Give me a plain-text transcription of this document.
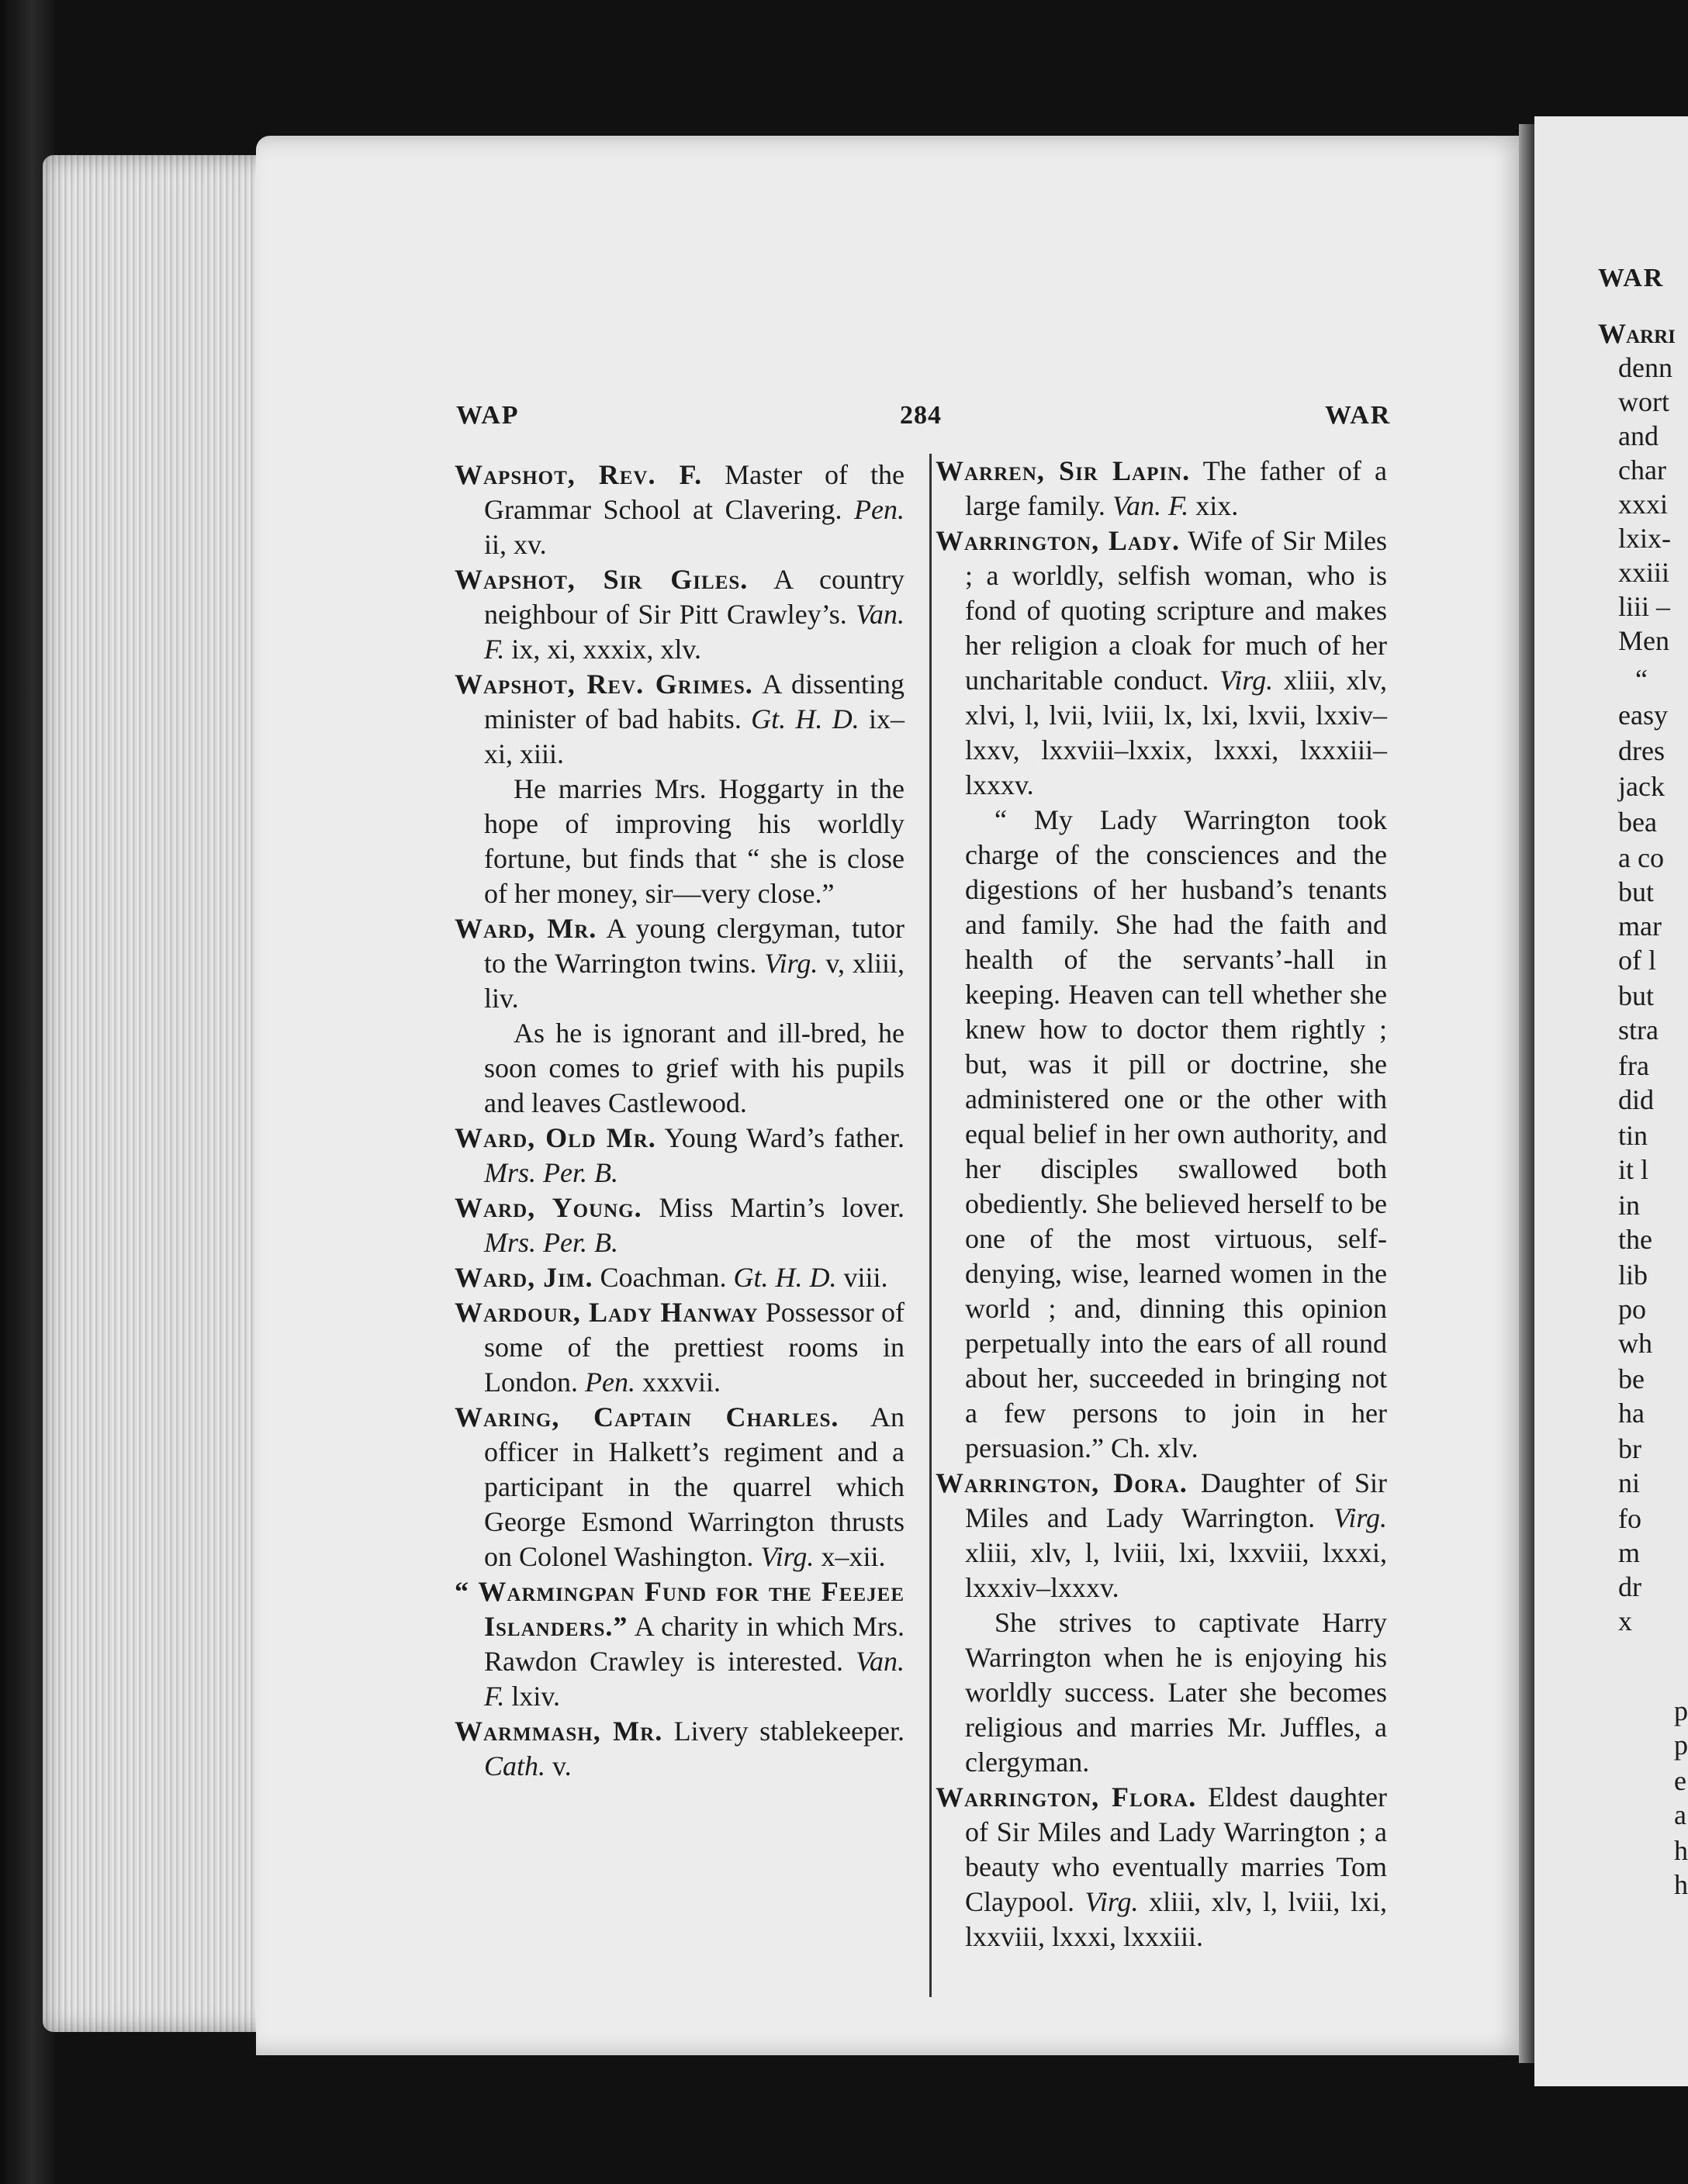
WAP	284	WAR

Wapshot, Rev. F. Master of the Grammar School at Clavering. Pen. ii, xv.

Wapshot, Sir Giles. A country neighbour of Sir Pitt Crawley’s. Van. F. ix, xi, xxxix, xlv.

Wapshot, Rev. Grimes. A dissenting minister of bad habits. Gt. H. D. ix–xi, xiii.

He marries Mrs. Hoggarty in the hope of improving his worldly fortune, but finds that “ she is close of her money, sir—very close.”

Ward, Mr. A young clergyman, tutor to the Warrington twins. Virg. v, xliii, liv.

As he is ignorant and ill-bred, he soon comes to grief with his pupils and leaves Castlewood.

Ward, Old Mr. Young Ward’s father. Mrs. Per. B.

Ward, Young. Miss Martin’s lover. Mrs. Per. B.

Ward, Jim. Coachman. Gt. H. D. viii.

Wardour, Lady Hanway Possessor of some of the prettiest rooms in London. Pen. xxxvii.

Waring, Captain Charles. An officer in Halkett’s regiment and a participant in the quarrel which George Esmond Warrington thrusts on Colonel Washington. Virg. x–xii.

“ Warmingpan Fund for the Feejee Islanders.” A charity in which Mrs. Rawdon Crawley is interested. Van. F. lxiv.

Warmmash, Mr. Livery stablekeeper. Cath. v.

Warren, Sir Lapin. The father of a large family. Van. F. xix.

Warrington, Lady. Wife of Sir Miles ; a worldly, selfish woman, who is fond of quoting scripture and makes her religion a cloak for much of her uncharitable conduct. Virg. xliii, xlv, xlvi, l, lvii, lviii, lx, lxi, lxvii, lxxiv–lxxv, lxxviii–lxxix, lxxxi, lxxxiii–lxxxv.

“ My Lady Warrington took charge of the consciences and the digestions of her husband’s tenants and family. She had the faith and health of the servants’-hall in keeping. Heaven can tell whether she knew how to doctor them rightly ; but, was it pill or doctrine, she administered one or the other with equal belief in her own authority, and her disciples swallowed both obediently. She believed herself to be one of the most virtuous, self-denying, wise, learned women in the world ; and, dinning this opinion perpetually into the ears of all round about her, succeeded in bringing not a few persons to join in her persuasion.” Ch. xlv.

Warrington, Dora. Daughter of Sir Miles and Lady Warrington. Virg. xliii, xlv, l, lviii, lxi, lxxviii, lxxxi, lxxxiv–lxxxv.

She strives to captivate Harry Warrington when he is enjoying his worldly success. Later she becomes religious and marries Mr. Juffles, a clergyman.

Warrington, Flora. Eldest daughter of Sir Miles and Lady Warrington ; a beauty who eventually marries Tom Claypool. Virg. xliii, xlv, l, lviii, lxi, lxxviii, lxxxi, lxxxiii.

WAR
Warri
denn
wort
and
char
xxxi
lxix-
xxiii
liii –
Men
“
easy
dres
jack
bea
a co
but
mar
of l
but
stra
fra
did
tin
it l
in
the
lib
po
wh
be
ha
br
ni
fo
m
dr
x
p
p
e
a
h
h
